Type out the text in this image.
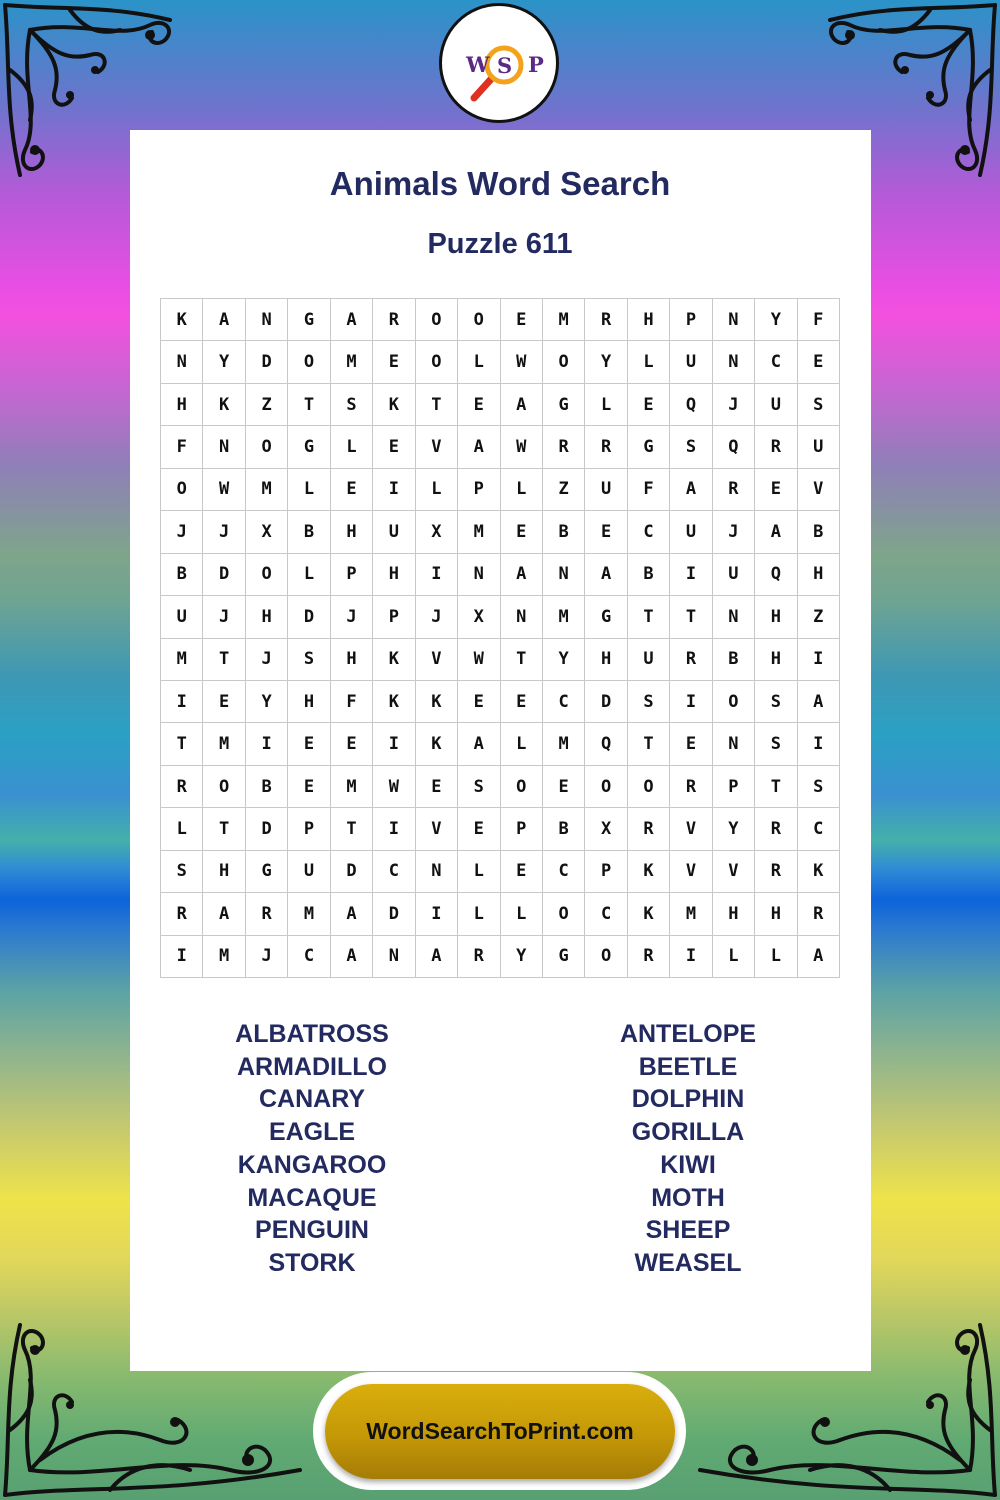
W S P
Animals Word Search
Puzzle 611
K	A	N	G	A	R	O	O	E	M	R	H	P	N	Y	F
N	Y	D	O	M	E	O	L	W	O	Y	L	U	N	C	E
H	K	Z	T	S	K	T	E	A	G	L	E	Q	J	U	S
F	N	O	G	L	E	V	A	W	R	R	G	S	Q	R	U
O	W	M	L	E	I	L	P	L	Z	U	F	A	R	E	V
J	J	X	B	H	U	X	M	E	B	E	C	U	J	A	B
B	D	O	L	P	H	I	N	A	N	A	B	I	U	Q	H
U	J	H	D	J	P	J	X	N	M	G	T	T	N	H	Z
M	T	J	S	H	K	V	W	T	Y	H	U	R	B	H	I
I	E	Y	H	F	K	K	E	E	C	D	S	I	O	S	A
T	M	I	E	E	I	K	A	L	M	Q	T	E	N	S	I
R	O	B	E	M	W	E	S	O	E	O	O	R	P	T	S
L	T	D	P	T	I	V	E	P	B	X	R	V	Y	R	C
S	H	G	U	D	C	N	L	E	C	P	K	V	V	R	K
R	A	R	M	A	D	I	L	L	O	C	K	M	H	H	R
I	M	J	C	A	N	A	R	Y	G	O	R	I	L	L	A
ALBATROSS
ARMADILLO
CANARY
EAGLE
KANGAROO
MACAQUE
PENGUIN
STORK
ANTELOPE
BEETLE
DOLPHIN
GORILLA
KIWI
MOTH
SHEEP
WEASEL
WordSearchToPrint.com
